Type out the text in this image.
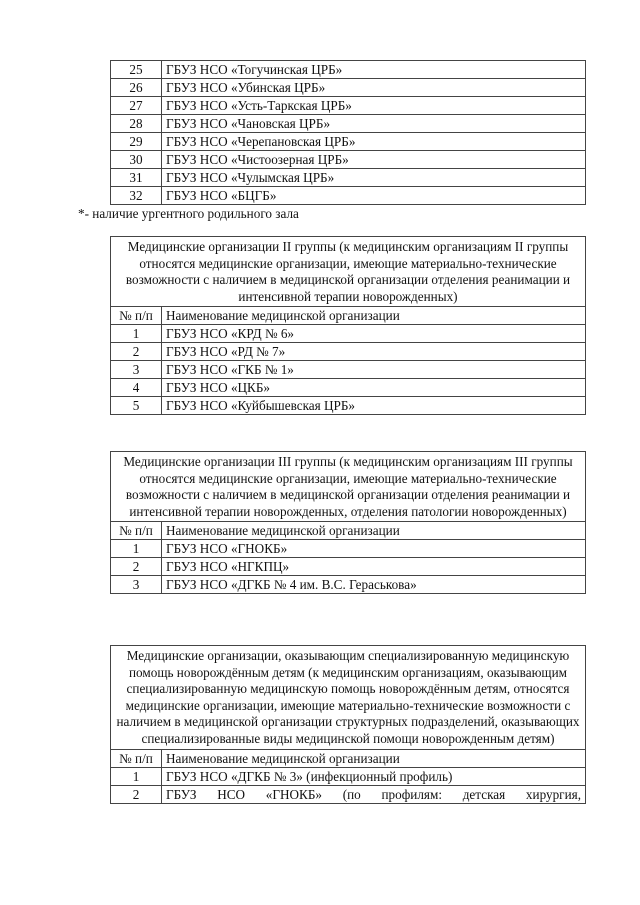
25	ГБУЗ НСО «Тогучинская ЦРБ»
26	ГБУЗ НСО «Убинская ЦРБ»
27	ГБУЗ НСО «Усть-Таркская ЦРБ»
28	ГБУЗ НСО «Чановская ЦРБ»
29	ГБУЗ НСО «Черепановская ЦРБ»
30	ГБУЗ НСО «Чистоозерная ЦРБ»
31	ГБУЗ НСО «Чулымская ЦРБ»
32	ГБУЗ НСО «БЦГБ»
*- наличие ургентного родильного зала
Медицинские организации II группы (к медицинским организациям II группы относятся медицинские организации, имеющие материально-технические возможности с наличием в медицинской организации отделения реанимации и интенсивной терапии новорожденных)	
№ п/п	Наименование медицинской организации
1	ГБУЗ НСО «КРД № 6»
2	ГБУЗ НСО «РД № 7»
3	ГБУЗ НСО «ГКБ № 1»
4	ГБУЗ НСО «ЦКБ»
5	ГБУЗ НСО «Куйбышевская ЦРБ»
Медицинские организации III группы (к медицинским организациям III группы относятся медицинские организации, имеющие материально-технические возможности с наличием в медицинской организации отделения реанимации и интенсивной терапии новорожденных, отделения патологии новорожденных)	
№ п/п	Наименование медицинской организации
1	ГБУЗ НСО «ГНОКБ»
2	ГБУЗ НСО «НГКПЦ»
3	ГБУЗ НСО «ДГКБ № 4 им. В.С. Гераськова»
Медицинские организации, оказывающим специализированную медицинскую помощь новорождённым детям (к медицинским организациям, оказывающим специализированную медицинскую помощь новорождённым детям, относятся медицинские организации, имеющие материально-технические возможности с наличием в медицинской организации структурных подразделений, оказывающих специализированные виды медицинской помощи новорожденным детям)	
№ п/п	Наименование медицинской организации
1	ГБУЗ НСО «ДГКБ № 3» (инфекционный профиль)
2	ГБУЗ НСО «ГНОКБ» (по профилям: детская хирургия,
